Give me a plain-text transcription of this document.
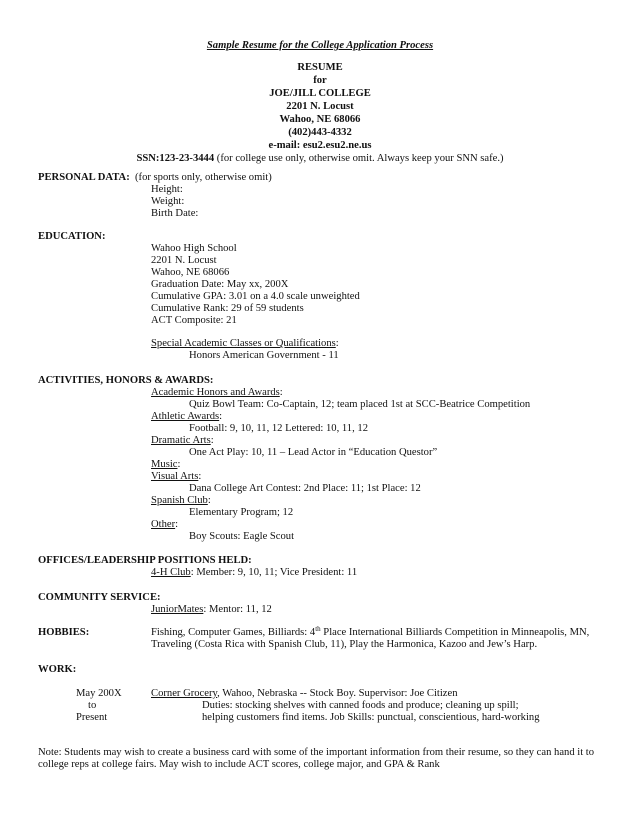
Sample Resume for the College Application Process
RESUME
for
JOE/JILL COLLEGE
2201 N. Locust
Wahoo, NE 68066
(402)443-4332
e-mail: esu2.esu2.ne.us
SSN:123-23-3444 (for college use only, otherwise omit. Always keep your SNN safe.)
PERSONAL DATA: (for sports only, otherwise omit)
Height:
Weight:
Birth Date:
EDUCATION:
Wahoo High School
2201 N. Locust
Wahoo, NE 68066
Graduation Date: May xx, 200X
Cumulative GPA: 3.01 on a 4.0 scale unweighted
Cumulative Rank: 29 of 59 students
ACT Composite: 21
Special Academic Classes or Qualifications:
Honors American Government - 11
ACTIVITIES, HONORS & AWARDS:
Academic Honors and Awards:
Quiz Bowl Team: Co-Captain, 12; team placed 1st at SCC-Beatrice Competition
Athletic Awards:
Football: 9, 10, 11, 12 Lettered: 10, 11, 12
Dramatic Arts:
One Act Play: 10, 11 – Lead Actor in “Education Questor”
Music:
Visual Arts:
Dana College Art Contest: 2nd Place: 11; 1st Place: 12
Spanish Club:
Elementary Program; 12
Other:
Boy Scouts: Eagle Scout
OFFICES/LEADERSHIP POSITIONS HELD:
4-H Club: Member: 9, 10, 11; Vice President: 11
COMMUNITY SERVICE:
JuniorMates: Mentor: 11, 12
HOBBIES:	Fishing, Computer Games, Billiards: 4th Place International Billiards Competition in Minneapolis, MN,
Traveling (Costa Rica with Spanish Club, 11), Play the Harmonica, Kazoo and Jew’s Harp.
WORK:
May 200X
to
Present
Corner Grocery, Wahoo, Nebraska -- Stock Boy. Supervisor: Joe Citizen
Duties: stocking shelves with canned foods and produce; cleaning up spill;
helping customers find items. Job Skills: punctual, conscientious, hard-working
Note: Students may wish to create a business card with some of the important information from their resume, so they can hand it to
college reps at college fairs. May wish to include ACT scores, college major, and GPA & Rank
